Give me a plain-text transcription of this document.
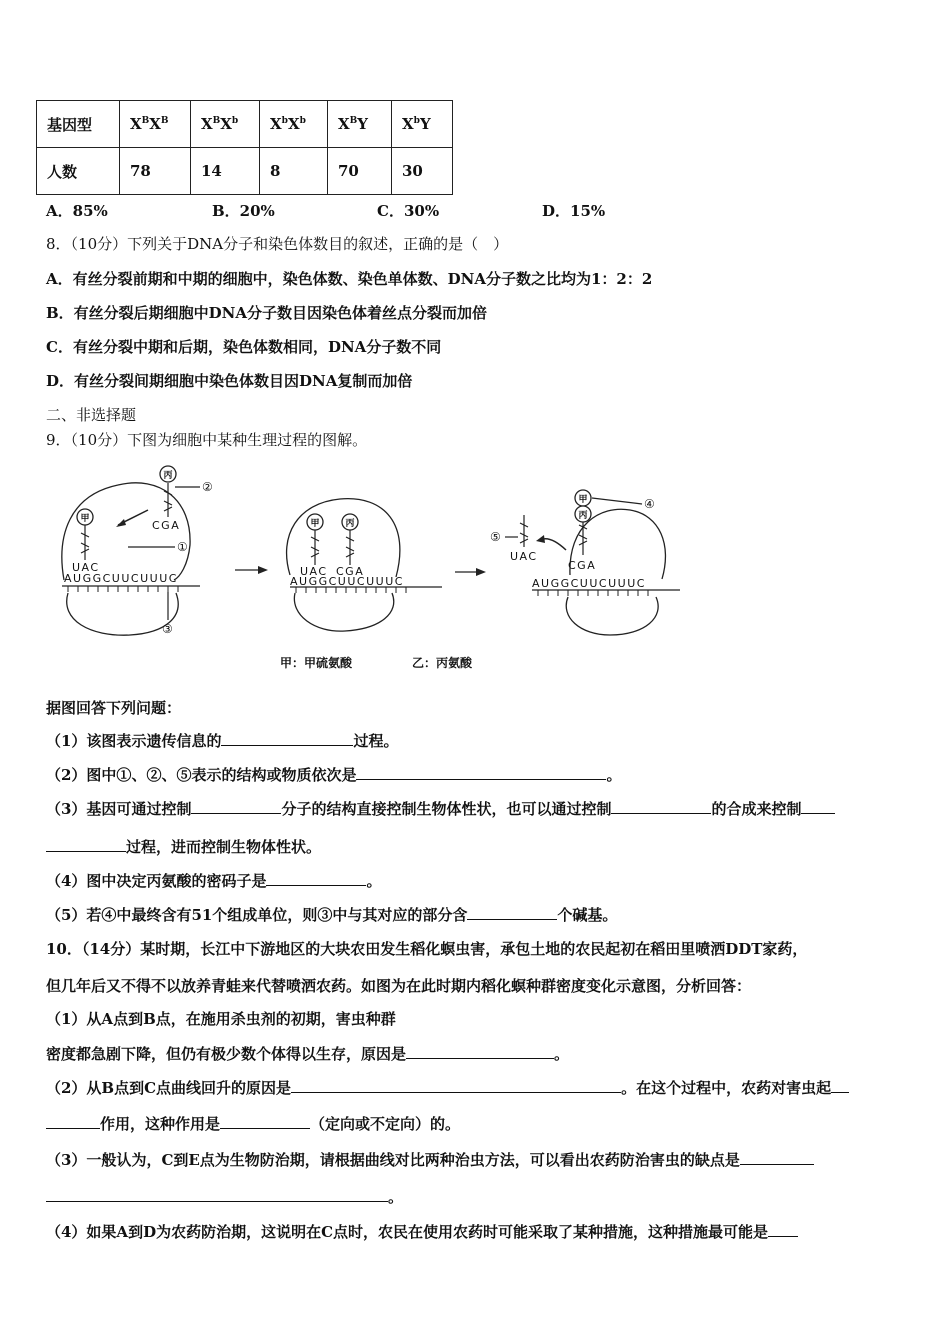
基因型	$X^BX^B$	$X^BX^b$	$X^bX^b$	$X^BY$	$X^bY$
人数	78	14	8	70	30
A．85%	B．20%	C．30%	D．15%
8．（10分）下列关于DNA分子和染色体数目的叙述，正确的是（　）
A．有丝分裂前期和中期的细胞中，染色体数、染色单体数、DNA分子数之比均为1：2：2
B．有丝分裂后期细胞中DNA分子数目因染色体着丝点分裂而加倍
C．有丝分裂中期和后期，染色体数相同，DNA分子数不同
D．有丝分裂间期细胞中染色体数目因DNA复制而加倍
二、非选择题
9．（10分）下图为细胞中某种生理过程的图解。
甲
丙
甲	丙
甲
丙
CGA
UAC
AUGGCUUCUUUC
UAC CGA
AUGGCUUCUUUC
UAC
CGA
AUGGCUUCUUUC
②
①
③
④
⑤
甲：甲硫氨酸	乙：丙氨酸
据图回答下列问题：
（1）该图表示遗传信息的	过程。
（2）图中①、②、⑤表示的结构或物质依次是	。
（3）基因可通过控制	分子的结构直接控制生物体性状，也可以通过控制	的合成来控制
过程，进而控制生物体性状。
（4）图中决定丙氨酸的密码子是	。
（5）若④中最终含有51个组成单位，则③中与其对应的部分含	个碱基。
10．（14分）某时期，长江中下游地区的大块农田发生稻化螟虫害，承包土地的农民起初在稻田里喷洒DDT家药，
但几年后又不得不以放养青蛙来代替喷洒农药。如图为在此时期内稻化螟种群密度变化示意图，分析回答：
（1）从A点到B点，在施用杀虫剂的初期，害虫种群
密度都急剧下降，但仍有极少数个体得以生存，原因是	。
（2）从B点到C点曲线回升的原因是	。在这个过程中，农药对害虫起
作用，这种作用是	（定向或不定向）的。
（3）一般认为，C到E点为生物防治期，请根据曲线对比两种治虫方法，可以看出农药防治害虫的缺点是
。
（4）如果A到D为农药防治期，这说明在C点时，农民在使用农药时可能采取了某种措施，这种措施最可能是
